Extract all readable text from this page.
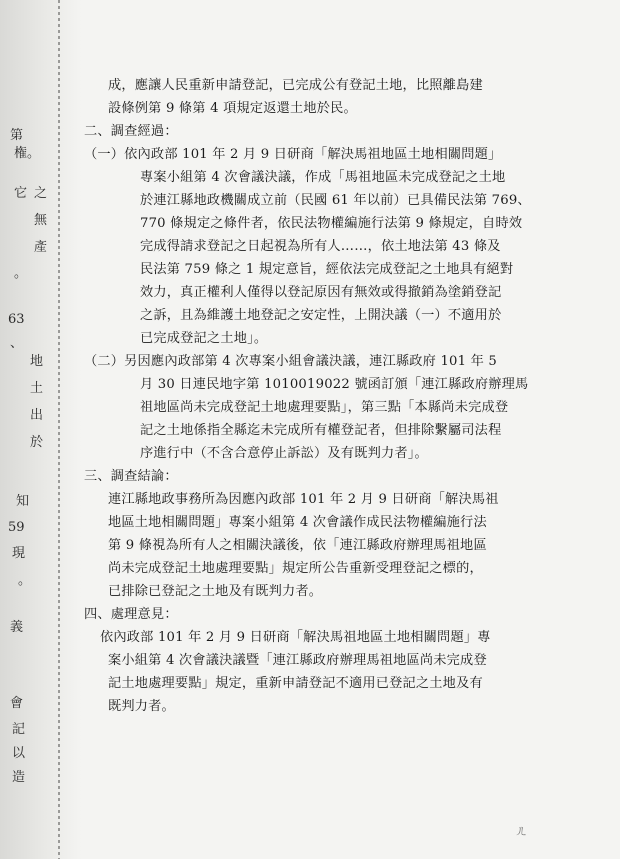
第
権。
它 之
無
產
。
63
、
地
土
出
於
知
59
現
。
義
會
記
以
造
成，應讓人民重新申請登記，已完成公有登記土地，比照離島建
設條例第 9 條第 4 項規定返還土地於民。
二、調查經過：
（一）依內政部 101 年 2 月 9 日研商「解決馬祖地區土地相關問題」
專案小組第 4 次會議決議，作成「馬祖地區未完成登記之土地
於連江縣地政機關成立前（民國 61 年以前）已具備民法第 769、
770 條規定之條件者，依民法物權編施行法第 9 條規定，自時效
完成得請求登記之日起視為所有人……，依土地法第 43 條及
民法第 759 條之 1 規定意旨，經依法完成登記之土地具有絕對
效力，真正權利人僅得以登記原因有無效或得撤銷為塗銷登記
之訴，且為維護土地登記之安定性，上開決議（一）不適用於
已完成登記之土地」。
（二）另因應內政部第 4 次專案小組會議決議，連江縣政府 101 年 5
月 30 日連民地字第 1010019022 號函訂頒「連江縣政府辦理馬
祖地區尚未完成登記土地處理要點」，第三點「本縣尚未完成登
記之土地係指全縣迄未完成所有權登記者，但排除繫屬司法程
序進行中（不含合意停止訴訟）及有既判力者」。
三、調查結論：
連江縣地政事務所為因應內政部 101 年 2 月 9 日研商「解決馬祖
地區土地相關問題」專案小組第 4 次會議作成民法物權編施行法
第 9 條視為所有人之相關決議後，依「連江縣政府辦理馬祖地區
尚未完成登記土地處理要點」規定所公告重新受理登記之標的，
已排除已登記之土地及有既判力者。
四、處理意見：
依內政部 101 年 2 月 9 日研商「解決馬祖地區土地相關問題」專
案小組第 4 次會議決議暨「連江縣政府辦理馬祖地區尚未完成登
記土地處理要點」規定，重新申請登記不適用已登記之土地及有
既判力者。
ㄦ
